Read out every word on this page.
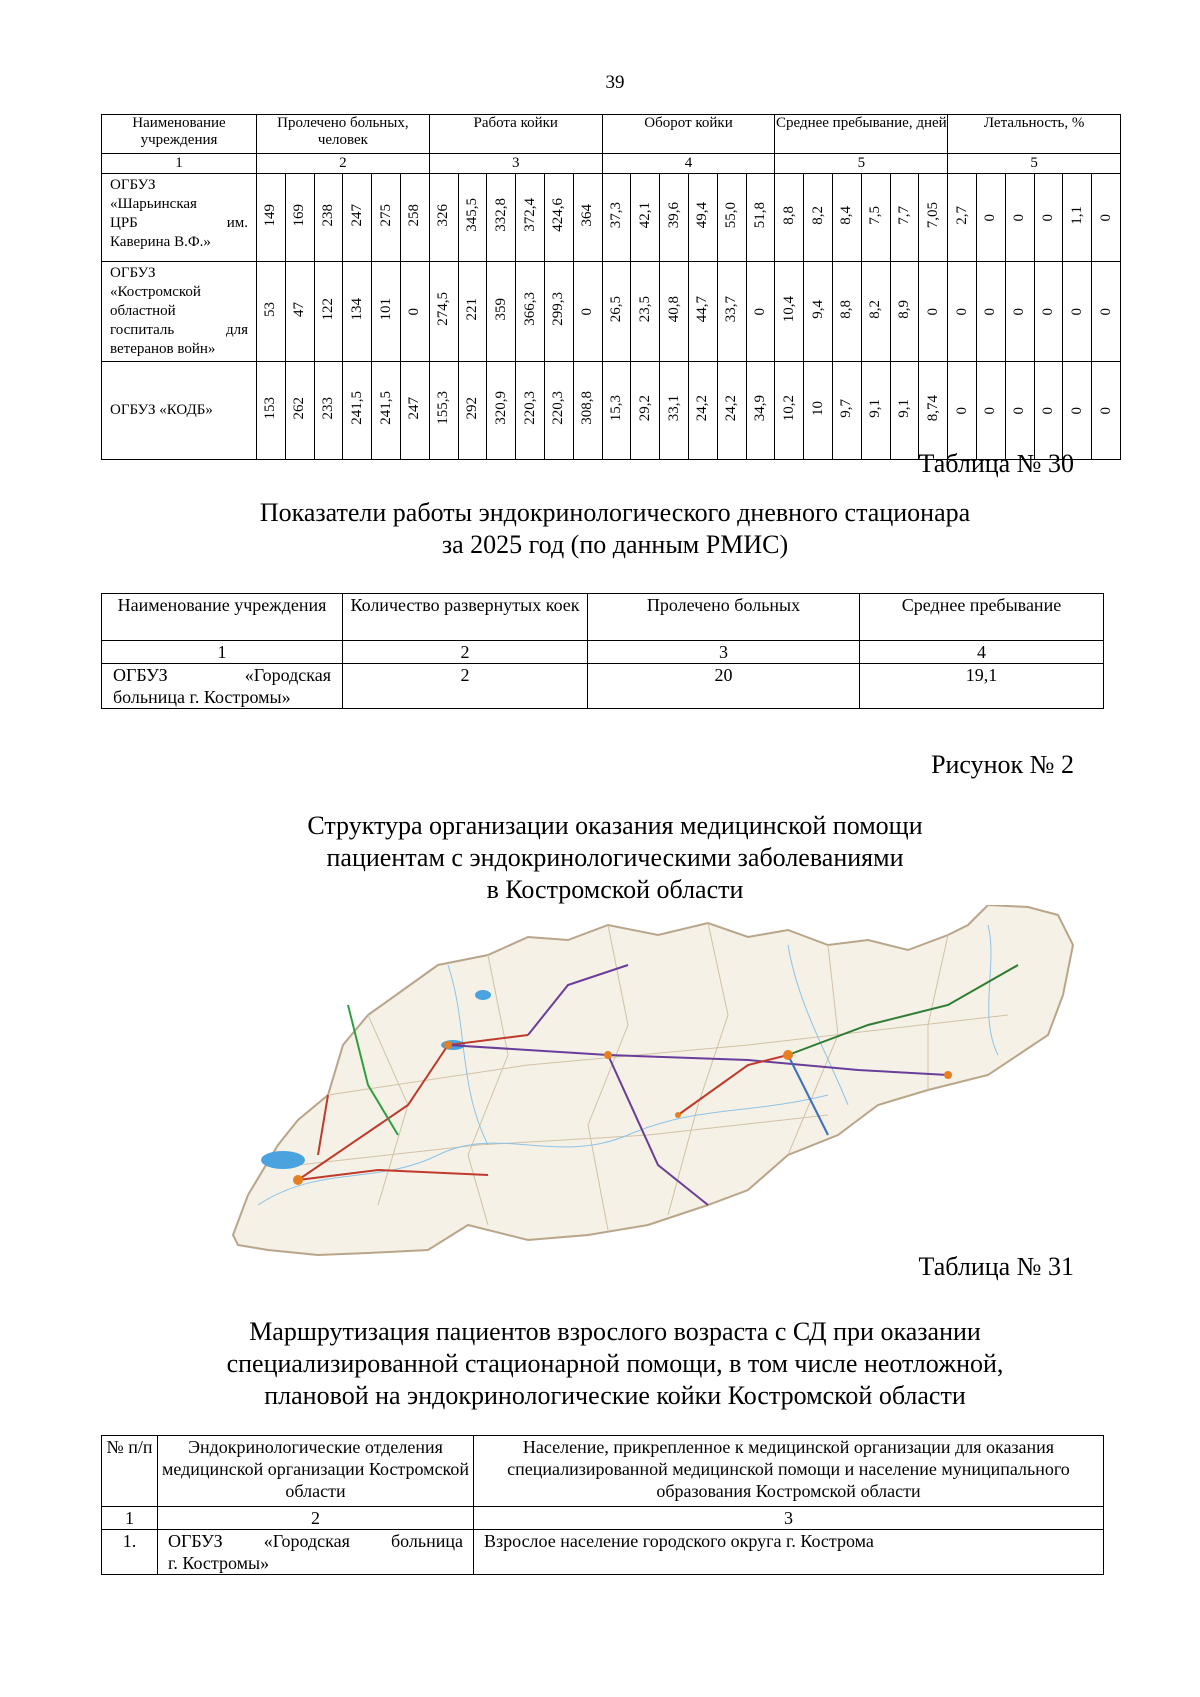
39
Наименование учреждения	Пролечено больных, человек						Работа койки						Оборот койки						Среднее пребывание, дней						Летальность, %					
1	2						3						4						5						5					

ОГБУЗ
«Шарьинская
ЦРБ им.
Каверина В.Ф.»	149	169	238	247	275	258	326	345,5	332,8	372,4	424,6	364	37,3	42,1	39,6	49,4	55,0	51,8	8,8	8,2	8,4	7,5	7,7	7,05	2,7	0	0	0	1,1	0

ОГБУЗ
«Костромской
областной
госпиталь для
ветеранов войн»	53	47	122	134	101	0	274,5	221	359	366,3	299,3	0	26,5	23,5	40,8	44,7	33,7	0	10,4	9,4	8,8	8,2	8,9	0	0	0	0	0	0	0

ОГБУЗ «КОДБ»	153	262	233	241,5	241,5	247	155,3	292	320,9	220,3	220,3	308,8	15,3	29,2	33,1	24,2	24,2	34,9	10,2	10	9,7	9,1	9,1	8,74	0	0	0	0	0	0
Таблица № 30
Показатели работы эндокринологического дневного стационара
за 2025 год (по данным РМИС)
Наименование учреждения	Количество развернутых коек	Пролечено больных	Среднее пребывание
1	2	3	4
ОГБУЗ «Городская
больница г. Костромы»	2	20	19,1
Рисунок № 2
Структура организации оказания медицинской помощи
пациентам с эндокринологическими заболеваниями
в Костромской области
Таблица № 31
Маршрутизация пациентов взрослого возраста с СД при оказании
специализированной стационарной помощи, в том числе неотложной,
плановой на эндокринологические койки Костромской области
№ п/п	Эндокринологические отделения медицинской организации Костромской области	Население, прикрепленное к медицинской организации для оказания специализированной медицинской помощи и население муниципального образования Костромской области
1	2	3
1.	ОГБУЗ «Городская больница
г. Костромы»	Взрослое население городского округа г. Кострома
